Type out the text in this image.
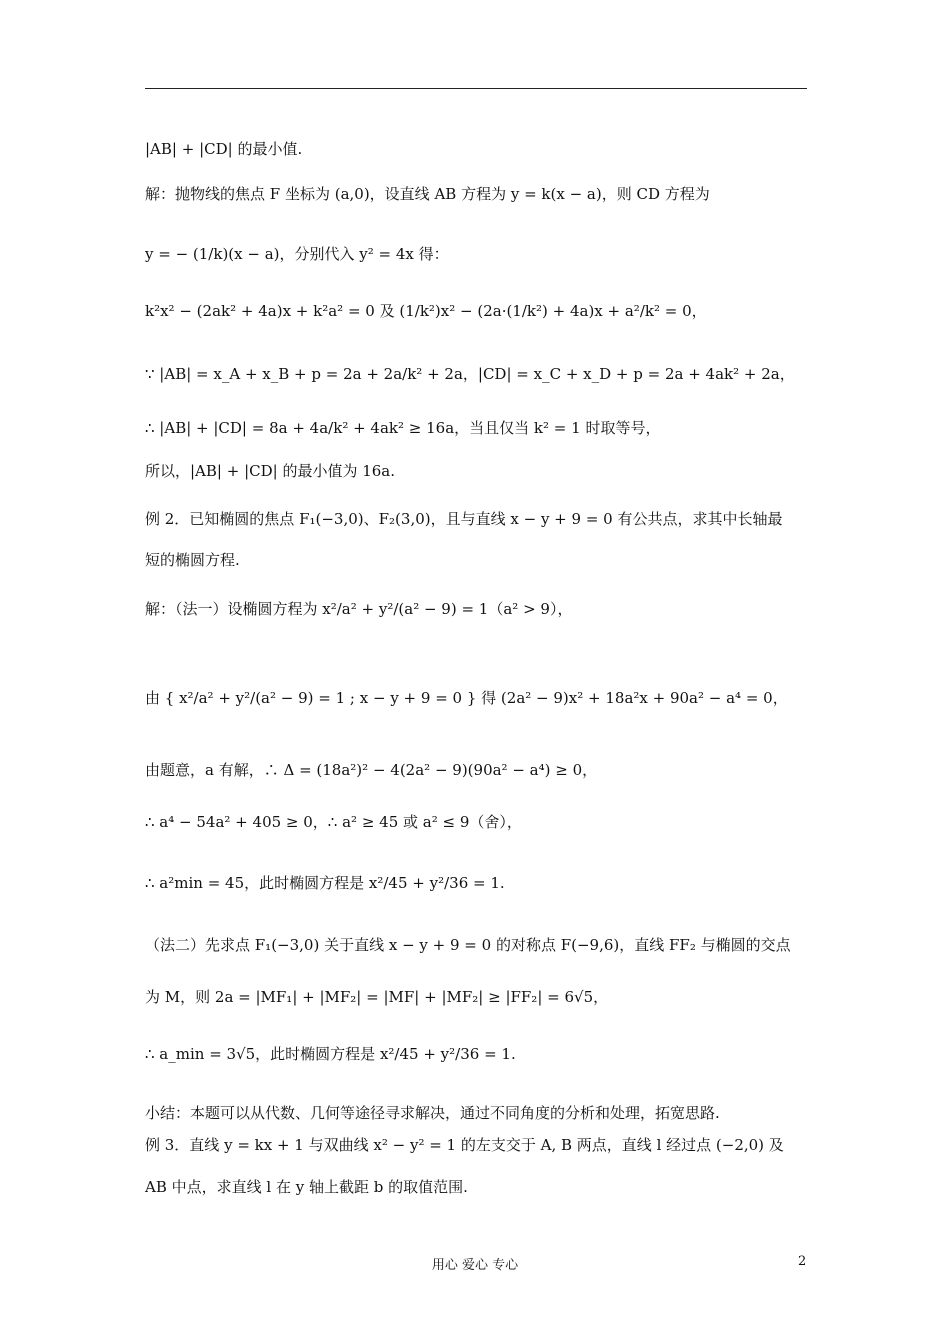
|AB| + |CD| 的最小值.
解：抛物线的焦点 F 坐标为 (a,0)，设直线 AB 方程为 y = k(x − a)，则 CD 方程为
y = − (1/k)(x − a)，分别代入 y² = 4x 得：
k²x² − (2ak² + 4a)x + k²a² = 0 及 (1/k²)x² − (2a·(1/k²) + 4a)x + a²/k² = 0，
∵ |AB| = x_A + x_B + p = 2a + 2a/k² + 2a，|CD| = x_C + x_D + p = 2a + 4ak² + 2a，
∴ |AB| + |CD| = 8a + 4a/k² + 4ak² ≥ 16a，当且仅当 k² = 1 时取等号，
所以，|AB| + |CD| 的最小值为 16a.
例 2．已知椭圆的焦点 F₁(−3,0)、F₂(3,0)，且与直线 x − y + 9 = 0 有公共点，求其中长轴最
短的椭圆方程.
解：（法一）设椭圆方程为 x²/a² + y²/(a² − 9) = 1（a² > 9），
由 { x²/a² + y²/(a² − 9) = 1 ; x − y + 9 = 0 } 得 (2a² − 9)x² + 18a²x + 90a² − a⁴ = 0，
由题意，a 有解，∴ Δ = (18a²)² − 4(2a² − 9)(90a² − a⁴) ≥ 0，
∴ a⁴ − 54a² + 405 ≥ 0，∴ a² ≥ 45 或 a² ≤ 9（舍），
∴ a²min = 45，此时椭圆方程是 x²/45 + y²/36 = 1.
（法二）先求点 F₁(−3,0) 关于直线 x − y + 9 = 0 的对称点 F(−9,6)，直线 FF₂ 与椭圆的交点
为 M，则 2a = |MF₁| + |MF₂| = |MF| + |MF₂| ≥ |FF₂| = 6√5，
∴ a_min = 3√5，此时椭圆方程是 x²/45 + y²/36 = 1.
小结：本题可以从代数、几何等途径寻求解决，通过不同角度的分析和处理，拓宽思路.
例 3．直线 y = kx + 1 与双曲线 x² − y² = 1 的左支交于 A, B 两点，直线 l 经过点 (−2,0) 及
AB 中点，求直线 l 在 y 轴上截距 b 的取值范围.
用心 爱心 专心	2
